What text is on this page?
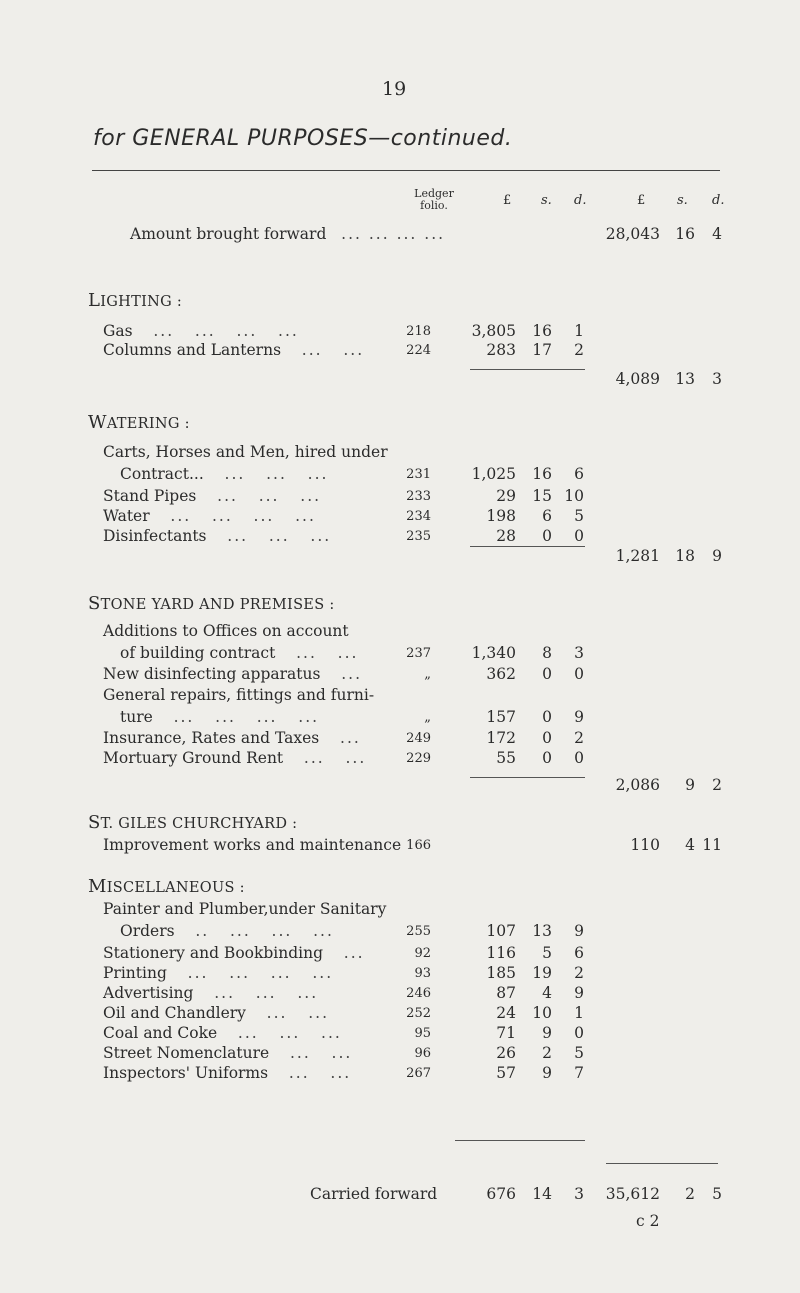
19
for GENERAL PURPOSES—continued.
Ledger folio.	£ s. d.	£ s. d.
Amount brought forward ... ... ... ...	28,043 16	4
LIGHTING :
Gas   ...   ...   ...   ...	218	3,805 16	1
Columns and Lanterns   ...   ...	224	283 17	2
4,089 13	3
WATERING :
Carts, Horses and Men, hired under
Contract...   ...   ...   ...	231	1,025 16	6
Stand Pipes   ...   ...   ...	233	29 15 10
Water   ...   ...   ...   ...	234	198	6	5
Disinfectants   ...   ...   ...	235	28	0	0
1,281 18	9
STONE YARD AND PREMISES :
Additions to Offices on account
of building contract   ...   ...	237	1,340	8	3
New disinfecting apparatus   ...	„	362	0	0
General repairs, fittings and furni-
ture   ...   ...   ...   ...	„	157	0	9
Insurance, Rates and Taxes   ...	249	172	0	2
Mortuary Ground Rent   ...   ...	229	55	0	0
2,086	9	2
ST. GILES CHURCHYARD :
Improvement works and maintenance 166	110	4 11
MISCELLANEOUS :
Painter and Plumber,under Sanitary
Orders   ..   ...   ...   ...	255	107 13	9
Stationery and Bookbinding   ...	92	116	5	6
Printing   ...   ...   ...   ...	93	185 19	2
Advertising   ...   ...   ...	246	87	4	9
Oil and Chandlery   ...   ...	252	24 10	1
Coal and Coke   ...   ...   ...	95	71	9	0
Street Nomenclature   ...   ...	96	26	2	5
Inspectors' Uniforms   ...   ...	267	57	9	7
Carried forward	676 14	3	35,612	2	5
c 2
